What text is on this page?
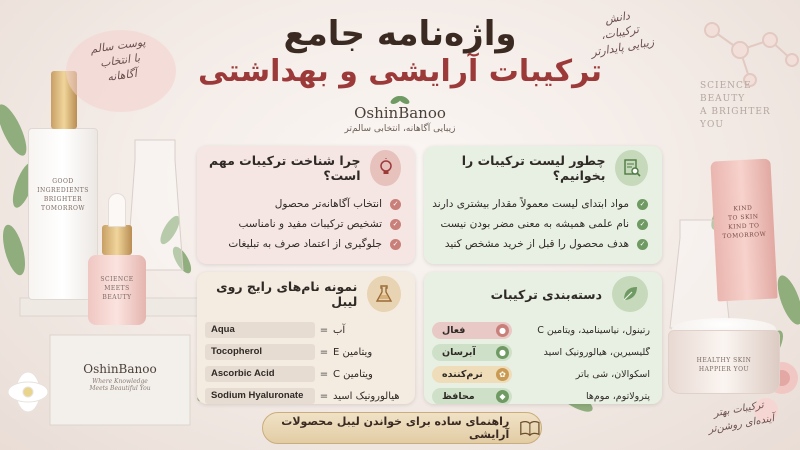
GOOD
INGREDIENTS
BRIGHTER
TOMORROW
SCIENCE
MEETS
BEAUTY
OshinBanoo
Where Knowledge
Meets Beautiful You
KIND
TO SKIN
KIND TO
TOMORROW
HEALTHY SKIN
HAPPIER YOU
واژه‌نامه جامع
ترکیبات آرایشی و بهداشتی
OshinBanoo
زیبایی آگاهانه، انتخابی سالم‌تر
پوست سالم
با انتخاب
آگاهانه
دانش
ترکیبات،
زیبایی پایدارتر
SCIENCE
BEAUTY
A BRIGHTER
YOU
ترکیبات بهتر
آینده‌ای روشن‌تر
چرا شناخت ترکیبات مهم است؟
✓
انتخاب آگاهانه‌تر محصول
✓
تشخیص ترکیبات مفید و نامناسب
✓
جلوگیری از اعتماد صرف به تبلیغات
چطور لیست ترکیبات را بخوانیم؟
✓
مواد ابتدای لیست معمولاً مقدار بیشتری دارند
✓
نام علمی همیشه به معنی مضر بودن نیست
✓
هدف محصول را قبل از خرید مشخص کنید
نمونه نام‌های رایج روی لیبل
Aqua	= آب
Tocopherol	= ویتامین E
Ascorbic Acid	= ویتامین C
Sodium Hyaluronate	= هیالورونیک اسید
دسته‌بندی ترکیبات
●
فعال	رتینول، نیاسینامید، ویتامین C
●
آبرسان	گلیسیرین، هیالورونیک اسید
✿
نرم‌کننده	اسکوالان، شی باتر
◆
محافظ	پترولاتوم، موم‌ها
راهنمای ساده برای خواندن لیبل محصولات آرایشی
